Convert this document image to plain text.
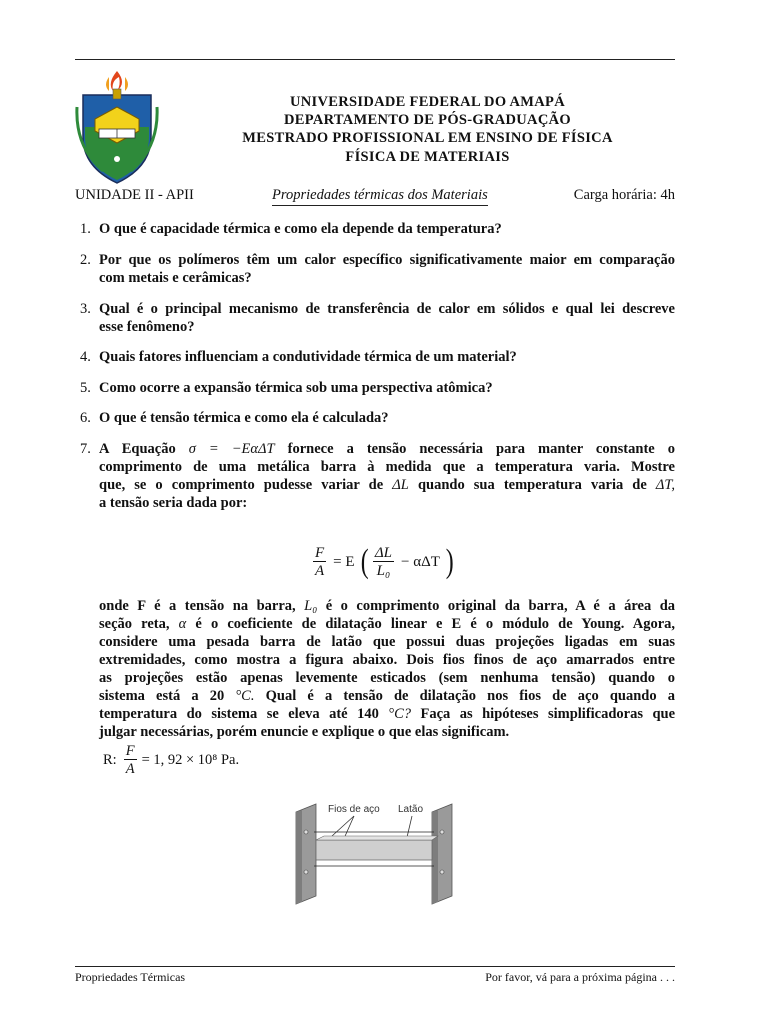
UNIVERSIDADE FEDERAL DO AMAPÁ
DEPARTAMENTO DE PÓS-GRADUAÇÃO
MESTRADO PROFISSIONAL EM ENSINO DE FÍSICA
FÍSICA DE MATERIAIS
UNIDADE II - APII	Propriedades térmicas dos Materiais	Carga horária: 4h
1. O que é capacidade térmica e como ela depende da temperatura?
2. Por que os polímeros têm um calor específico significativamente maior em comparação
com metais e cerâmicas?
3. Qual é o principal mecanismo de transferência de calor em sólidos e qual lei descreve
esse fenômeno?
4. Quais fatores influenciam a condutividade térmica de um material?
5. Como ocorre a expansão térmica sob uma perspectiva atômica?
6. O que é tensão térmica e como ela é calculada?
7. A Equação σ = −EαΔT fornece a tensão necessária para manter constante o
comprimento de uma metálica barra à medida que a temperatura varia. Mostre
que, se o comprimento pudesse variar de ΔL quando sua temperatura varia de ΔT,
a tensão seria dada por:
$\frac{F}{A} = E$ ( $\frac{\Delta L}{\text{L₀}} - \alpha\Delta T$ )
onde F é a tensão na barra, L₀ é o comprimento original da barra, A é a área da
seção reta, α é o coeficiente de dilatação linear e E é o módulo de Young. Agora,
considere uma pesada barra de latão que possui duas projeções ligadas em suas
extremidades, como mostra a figura abaixo. Dois fios finos de aço amarrados entre
as projeções estão apenas levemente esticados (sem nenhuma tensão) quando o
sistema está a 20 °C. Qual é a tensão de dilatação nos fios de aço quando a
temperatura do sistema se eleva até 140 °C? Faça as hipóteses simplificadoras que
julgar necessárias, porém enuncie e explique o que elas significam.
R: $\frac{F}{A} = 1$, 92 × 10⁸ Pa.
Fios de aço Latão
Propriedades Térmicas	Por favor, vá para a próxima página . . .
